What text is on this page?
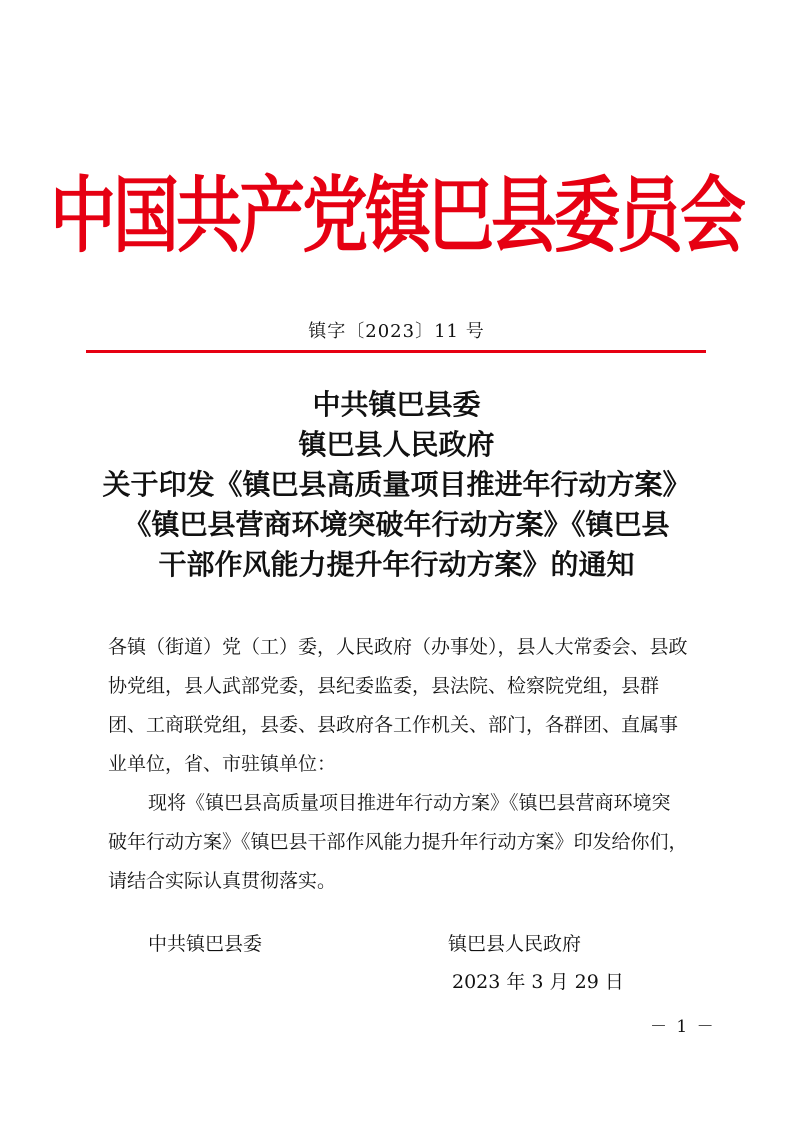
中国共产党镇巴县委员会
镇字〔2023〕11 号
中共镇巴县委
镇巴县人民政府
关于印发《镇巴县高质量项目推进年行动方案》
《镇巴县营商环境突破年行动方案》《镇巴县
干部作风能力提升年行动方案》的通知

各镇（街道）党（工）委，人民政府（办事处），县人大常委会、县政协党组，县人武部党委，县纪委监委，县法院、检察院党组，县群团、工商联党组，县委、县政府各工作机关、部门，各群团、直属事业单位，省、市驻镇单位：

现将《镇巴县高质量项目推进年行动方案》《镇巴县营商环境突破年行动方案》《镇巴县干部作风能力提升年行动方案》印发给你们，请结合实际认真贯彻落实。

中共镇巴县委	镇巴县人民政府
2023 年 3 月 29 日
－ 1 －
